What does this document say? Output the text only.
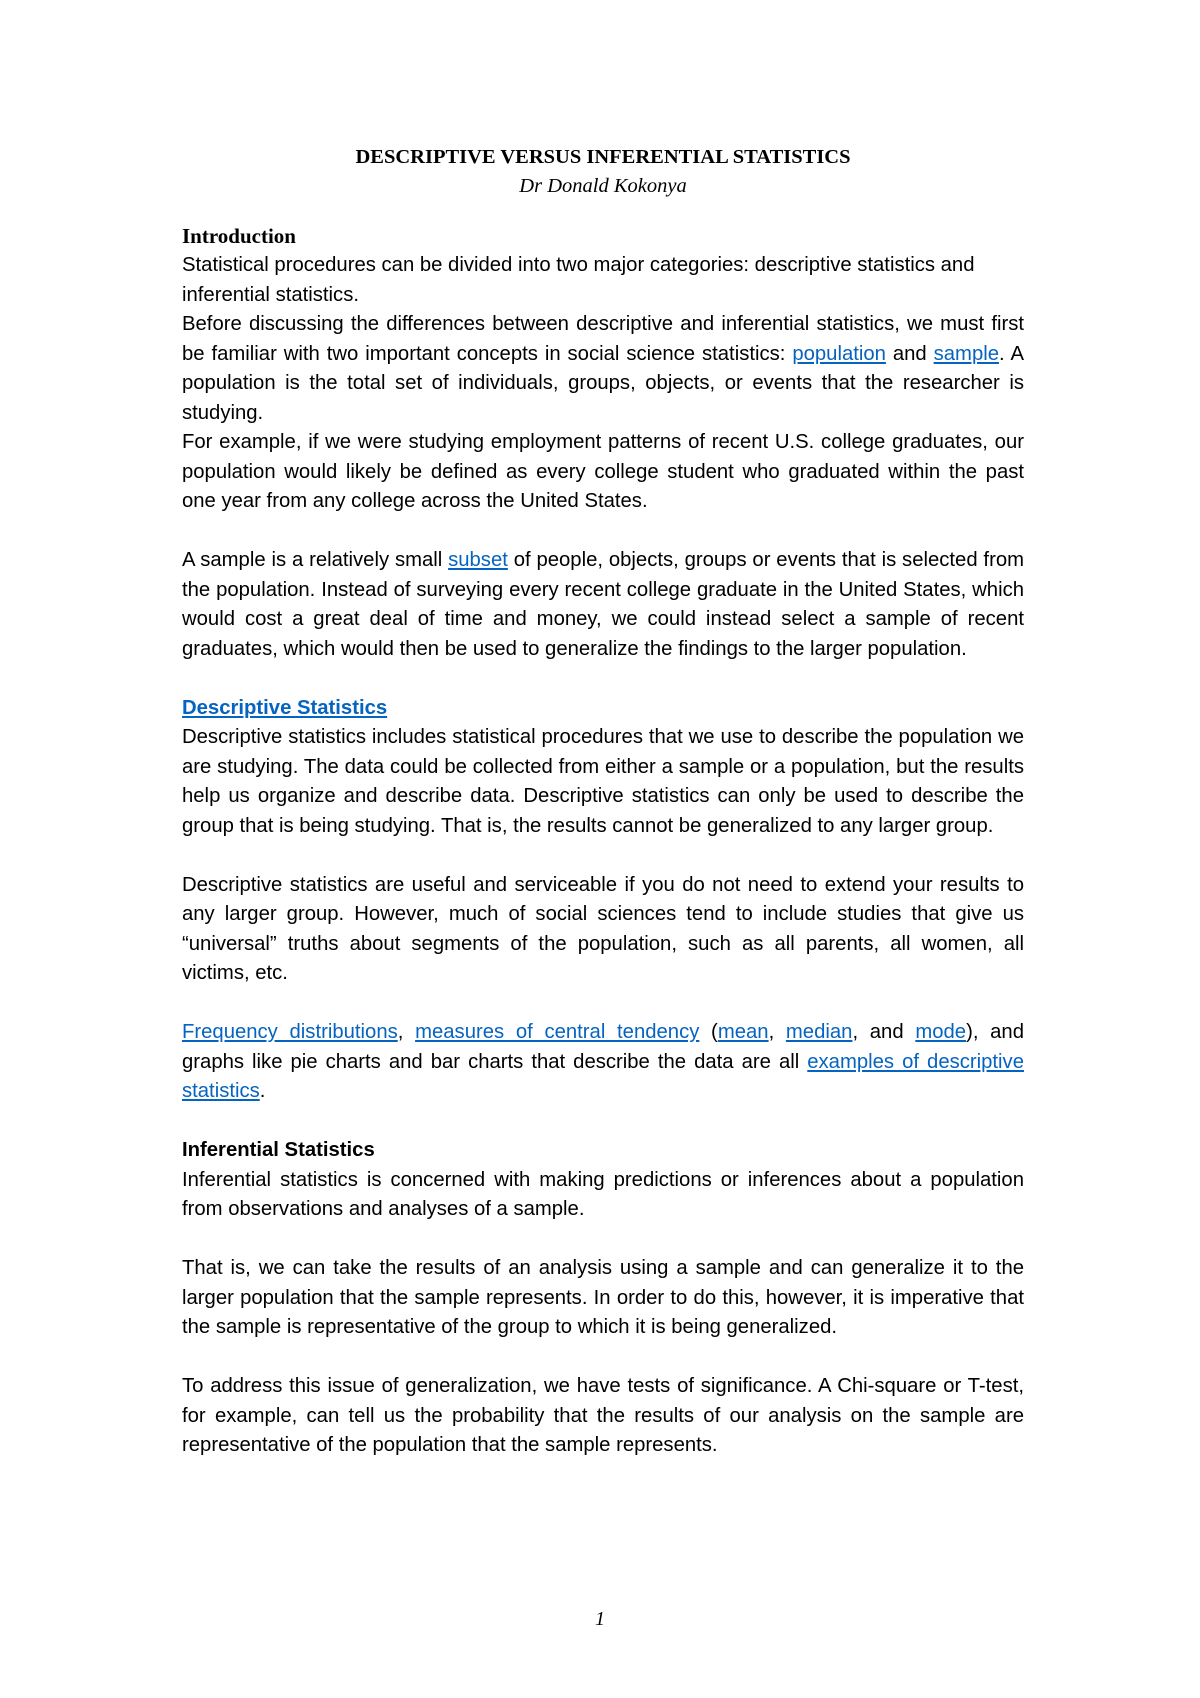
DESCRIPTIVE VERSUS INFERENTIAL STATISTICS
Dr Donald Kokonya
Introduction

Statistical procedures can be divided into two major categories: descriptive statistics and inferential statistics.

Before discussing the differences between descriptive and inferential statistics, we must first be familiar with two important concepts in social science statistics: population and sample. A population is the total set of individuals, groups, objects, or events that the researcher is studying.

For example, if we were studying employment patterns of recent U.S. college graduates, our population would likely be defined as every college student who graduated within the past one year from any college across the United States.

A sample is a relatively small subset of people, objects, groups or events that is selected from the population. Instead of surveying every recent college graduate in the United States, which would cost a great deal of time and money, we could instead select a sample of recent graduates, which would then be used to generalize the findings to the larger population.

Descriptive Statistics

Descriptive statistics includes statistical procedures that we use to describe the population we are studying. The data could be collected from either a sample or a population, but the results help us organize and describe data. Descriptive statistics can only be used to describe the group that is being studying. That is, the results cannot be generalized to any larger group.

Descriptive statistics are useful and serviceable if you do not need to extend your results to any larger group. However, much of social sciences tend to include studies that give us “universal” truths about segments of the population, such as all parents, all women, all victims, etc.

Frequency distributions, measures of central tendency (mean, median, and mode), and graphs like pie charts and bar charts that describe the data are all examples of descriptive statistics.

Inferential Statistics

Inferential statistics is concerned with making predictions or inferences about a population from observations and analyses of a sample.

That is, we can take the results of an analysis using a sample and can generalize it to the larger population that the sample represents. In order to do this, however, it is imperative that the sample is representative of the group to which it is being generalized.

To address this issue of generalization, we have tests of significance. A Chi-square or T-test, for example, can tell us the probability that the results of our analysis on the sample are representative of the population that the sample represents.

1
